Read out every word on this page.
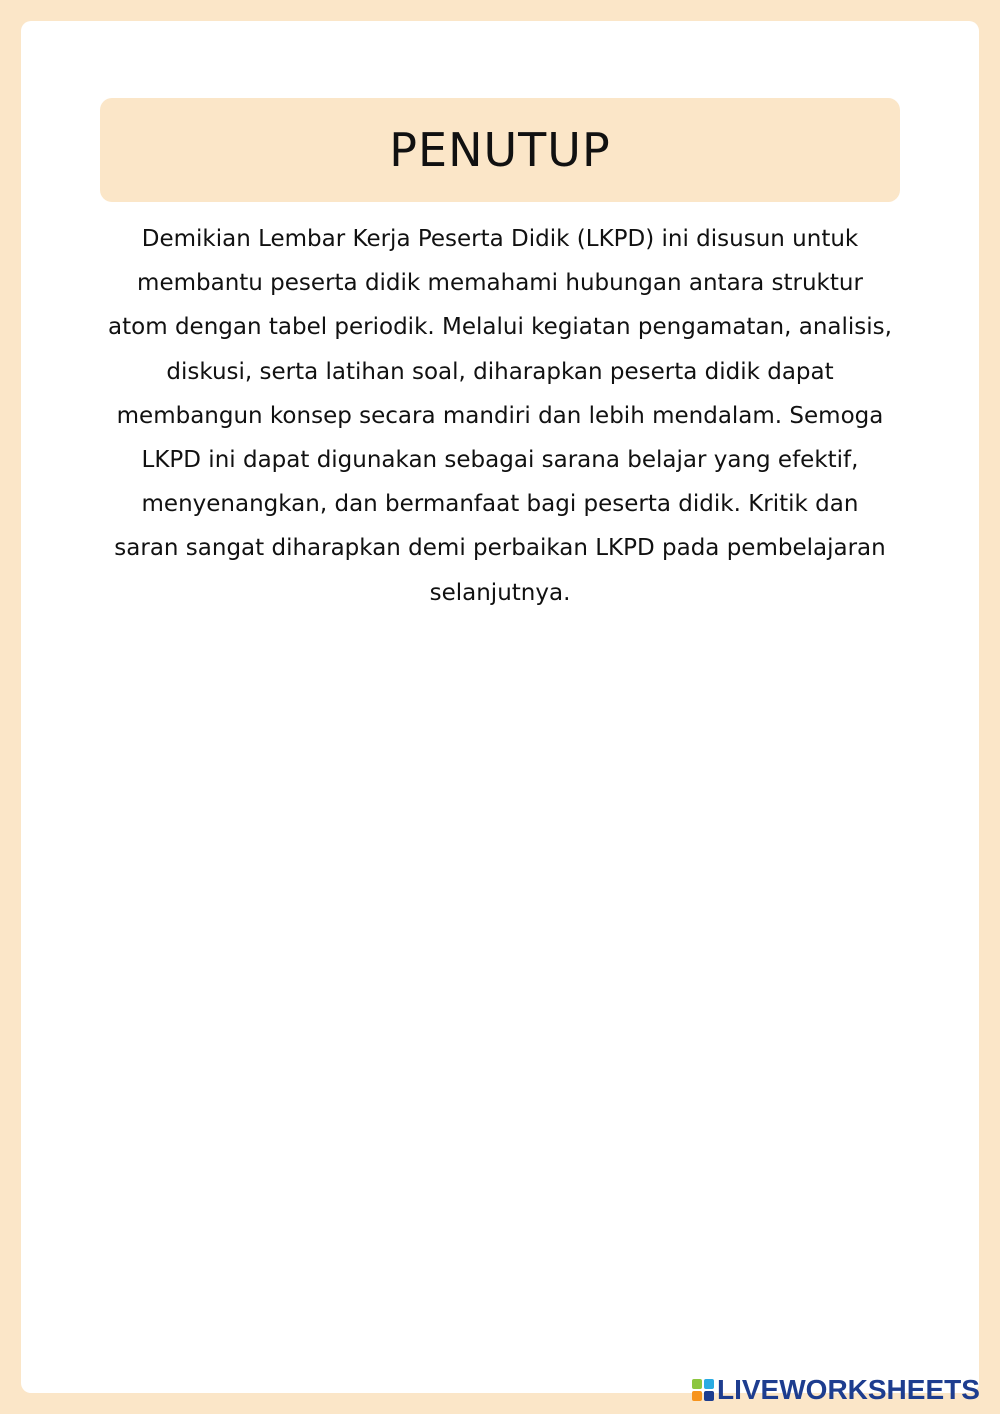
PENUTUP

Demikian Lembar Kerja Peserta Didik (LKPD) ini disusun untuk membantu peserta didik memahami hubungan antara struktur atom dengan tabel periodik. Melalui kegiatan pengamatan, analisis, diskusi, serta latihan soal, diharapkan peserta didik dapat membangun konsep secara mandiri dan lebih mendalam. Semoga LKPD ini dapat digunakan sebagai sarana belajar yang efektif, menyenangkan, dan bermanfaat bagi peserta didik. Kritik dan saran sangat diharapkan demi perbaikan LKPD pada pembelajaran selanjutnya.

LIVEWORKSHEETS
